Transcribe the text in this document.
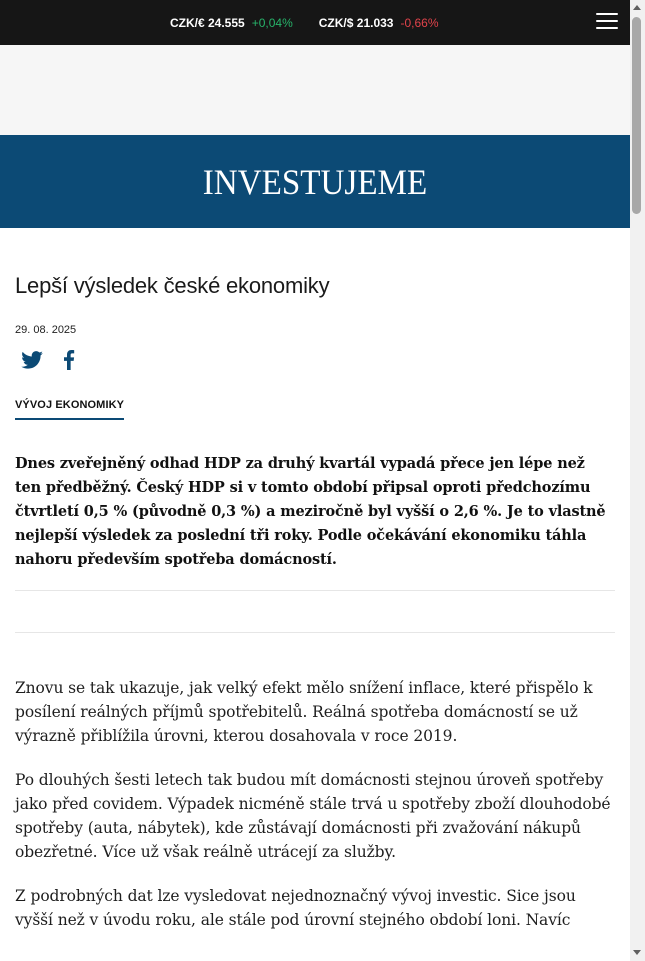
CZK/€ 24.555 +0,04% CZK/$ 21.033 -0,66%
INVESTUJEME
Lepší výsledek české ekonomiky
29. 08. 2025
VÝVOJ EKONOMIKY

Dnes zveřejněný odhad HDP za druhý kvartál vypadá přece jen lépe než ten předběžný. Český HDP si v tomto období připsal oproti předchozímu čtvrtletí 0,5 % (původně 0,3 %) a meziročně byl vyšší o 2,6 %. Je to vlastně nejlepší výsledek za poslední tři roky. Podle očekávání ekonomiku táhla nahoru především spotřeba domácností.

Znovu se tak ukazuje, jak velký efekt mělo snížení inflace, které přispělo k posílení reálných příjmů spotřebitelů. Reálná spotřeba domácností se už výrazně přiblížila úrovni, kterou dosahovala v roce 2019.

Po dlouhých šesti letech tak budou mít domácnosti stejnou úroveň spotřeby jako před covidem. Výpadek nicméně stále trvá u spotřeby zboží dlouhodobé spotřeby (auta, nábytek), kde zůstávají domácnosti při zvažování nákupů obezřetné. Více už však reálně utrácejí za služby.

Z podrobných dat lze vysledovat nejednoznačný vývoj investic. Sice jsou vyšší než v úvodu roku, ale stále pod úrovní stejného období loni. Navíc
